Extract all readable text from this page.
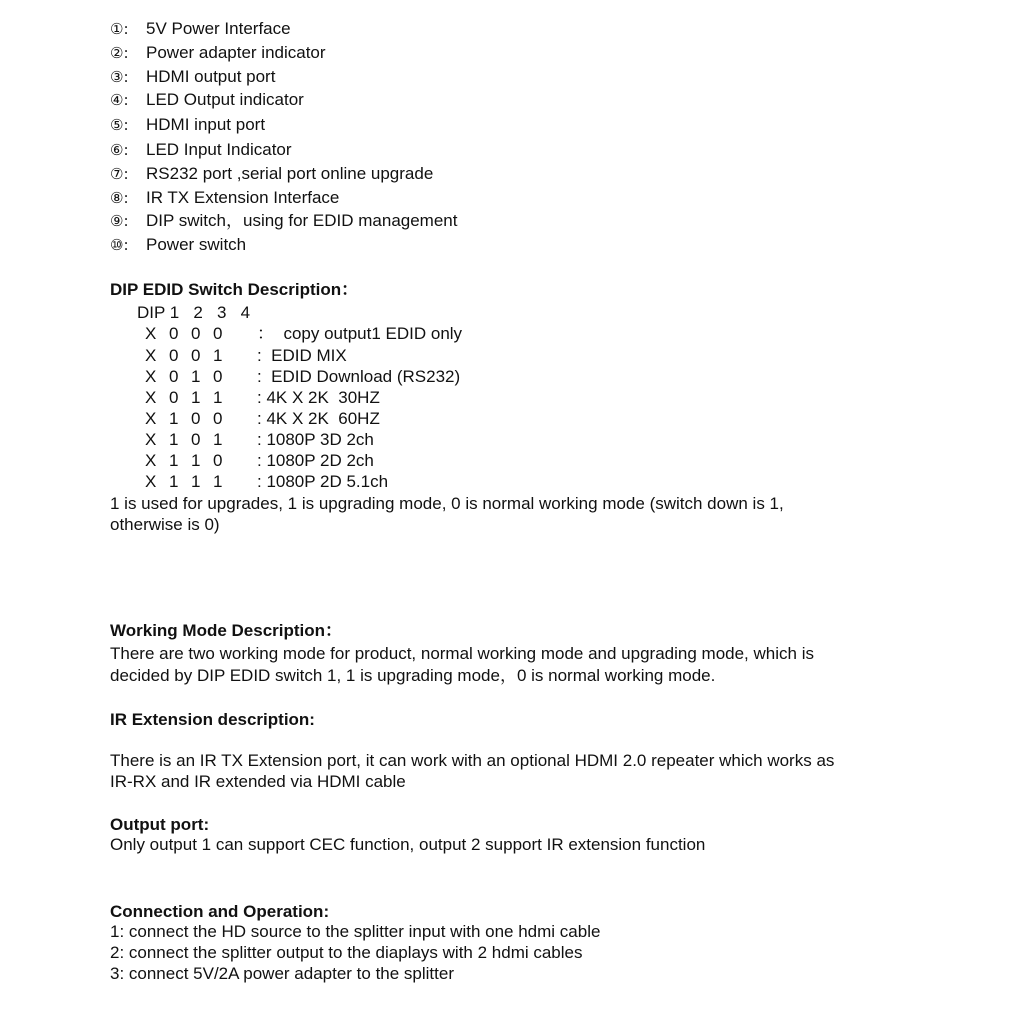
①: 5V Power Interface
②: Power adapter indicator
③: HDMI output port
④: LED Output indicator
⑤: HDMI input port
⑥: LED Input Indicator
⑦: RS232 port ,serial port online upgrade
⑧: IR TX Extension Interface
⑨: DIP switch，using for EDID management
⑩: Power switch
DIP EDID Switch Description：
DIP 1   2   3   4
X 0 0 0 ：  copy output1 EDID only
X 0 0 1 :  EDID MIX
X 0 1 0 :  EDID Download (RS232)
X 0 1 1 : 4K X 2K  30HZ
X 1 0 0 : 4K X 2K  60HZ
X 1 0 1 : 1080P 3D 2ch
X 1 1 0 : 1080P 2D 2ch
X 1 1 1 : 1080P 2D 5.1ch
1 is used for upgrades, 1 is upgrading mode, 0 is normal working mode (switch down is 1,
otherwise is 0)
Working Mode Description：
There are two working mode for product, normal working mode and upgrading mode, which is
decided by DIP EDID switch 1, 1 is upgrading mode，0 is normal working mode.
IR Extension description:
There is an IR TX Extension port, it can work with an optional HDMI 2.0 repeater which works as
IR-RX and IR extended via HDMI cable
Output port:
Only output 1 can support CEC function, output 2 support IR extension function
Connection and Operation:
1: connect the HD source to the splitter input with one hdmi cable
2: connect the splitter output to the diaplays with 2 hdmi cables
3: connect 5V/2A power adapter to the splitter
